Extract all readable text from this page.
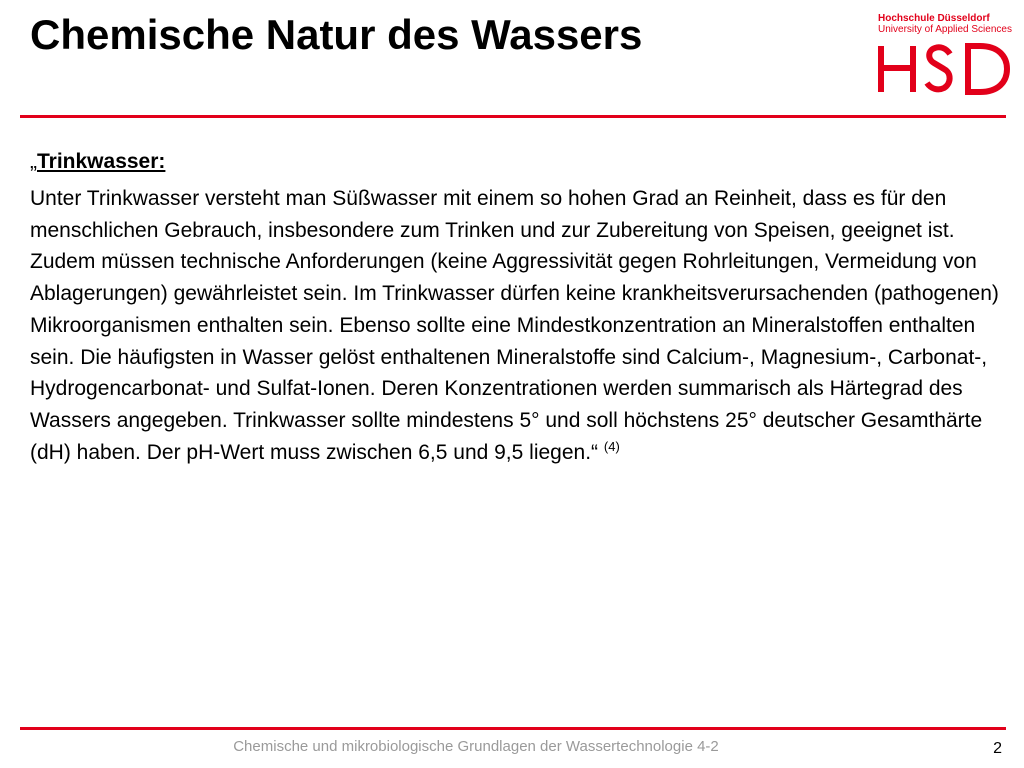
Chemische Natur des Wassers	Hochschule Düsseldorf
University of Applied Sciences

„Trinkwasser:

Unter Trinkwasser versteht man Süßwasser mit einem so hohen Grad an Reinheit, dass es für den menschlichen Gebrauch, insbesondere zum Trinken und zur Zubereitung von Speisen, geeignet ist. Zudem müssen technische Anforderungen (keine Aggressivität gegen Rohrleitungen, Vermeidung von Ablagerungen) gewährleistet sein. Im Trinkwasser dürfen keine krankheitsverursachenden (pathogenen) Mikroorganismen enthalten sein. Ebenso sollte eine Mindestkonzentration an Mineralstoffen enthalten sein. Die häufigsten in Wasser gelöst enthaltenen Mineralstoffe sind Calcium-, Magnesium-, Carbonat-, Hydrogencarbonat- und Sulfat-Ionen. Deren Konzentrationen werden summarisch als Härtegrad des Wassers angegeben. Trinkwasser sollte mindestens 5° und soll höchstens 25° deutscher Gesamthärte (dH) haben. Der pH-Wert muss zwischen 6,5 und 9,5 liegen.“ $^{(4)}$

Chemische und mikrobiologische Grundlagen der Wassertechnologie 4-2	2
